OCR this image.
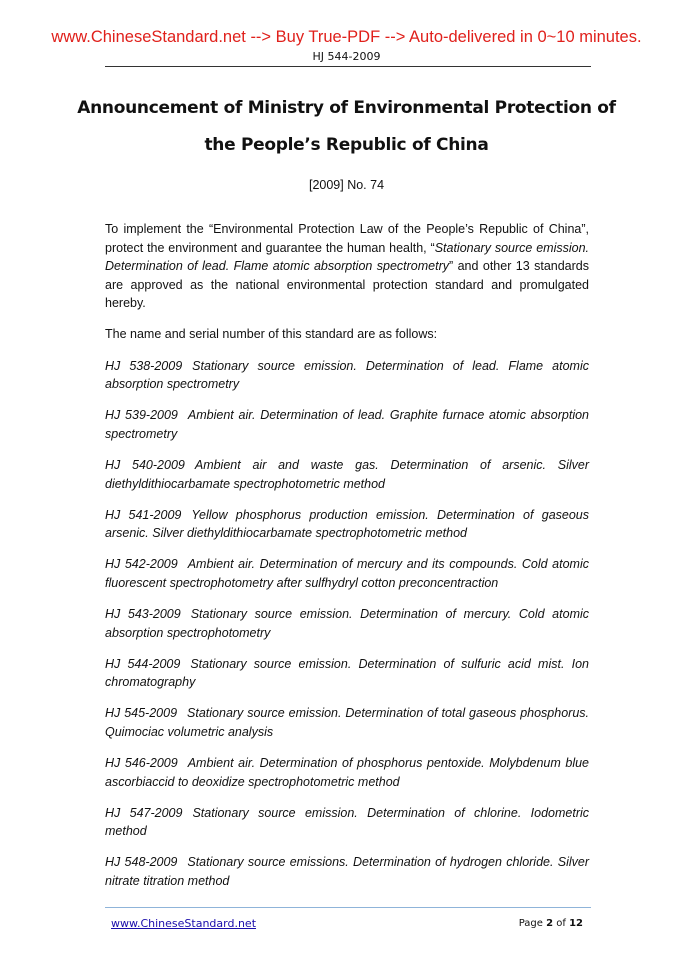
www.ChineseStandard.net --> Buy True-PDF --> Auto-delivered in 0~10 minutes.
HJ 544-2009
Announcement of Ministry of Environmental Protection of the People’s Republic of China
[2009] No. 74

To implement the “Environmental Protection Law of the People’s Republic of China”, protect the environment and guarantee the human health, “Stationary source emission. Determination of lead. Flame atomic absorption spectrometry” and other 13 standards are approved as the national environmental protection standard and promulgated hereby.

The name and serial number of this standard are as follows:

HJ 538-2009 Stationary source emission. Determination of lead. Flame atomic absorption spectrometry

HJ 539-2009 Ambient air. Determination of lead. Graphite furnace atomic absorption spectrometry

HJ 540-2009 Ambient air and waste gas. Determination of arsenic. Silver diethyldithiocarbamate spectrophotometric method

HJ 541-2009 Yellow phosphorus production emission. Determination of gaseous arsenic. Silver diethyldithiocarbamate spectrophotometric method

HJ 542-2009 Ambient air. Determination of mercury and its compounds. Cold atomic fluorescent spectrophotometry after sulfhydryl cotton preconcentraction

HJ 543-2009 Stationary source emission. Determination of mercury. Cold atomic absorption spectrophotometry

HJ 544-2009 Stationary source emission. Determination of sulfuric acid mist. Ion chromatography

HJ 545-2009 Stationary source emission. Determination of total gaseous phosphorus. Quimociac volumetric analysis

HJ 546-2009 Ambient air. Determination of phosphorus pentoxide. Molybdenum blue ascorbiaccid to deoxidize spectrophotometric method

HJ 547-2009 Stationary source emission. Determination of chlorine. Iodometric method

HJ 548-2009 Stationary source emissions. Determination of hydrogen chloride. Silver nitrate titration method

www.ChineseStandard.net	Page 2 of 12
